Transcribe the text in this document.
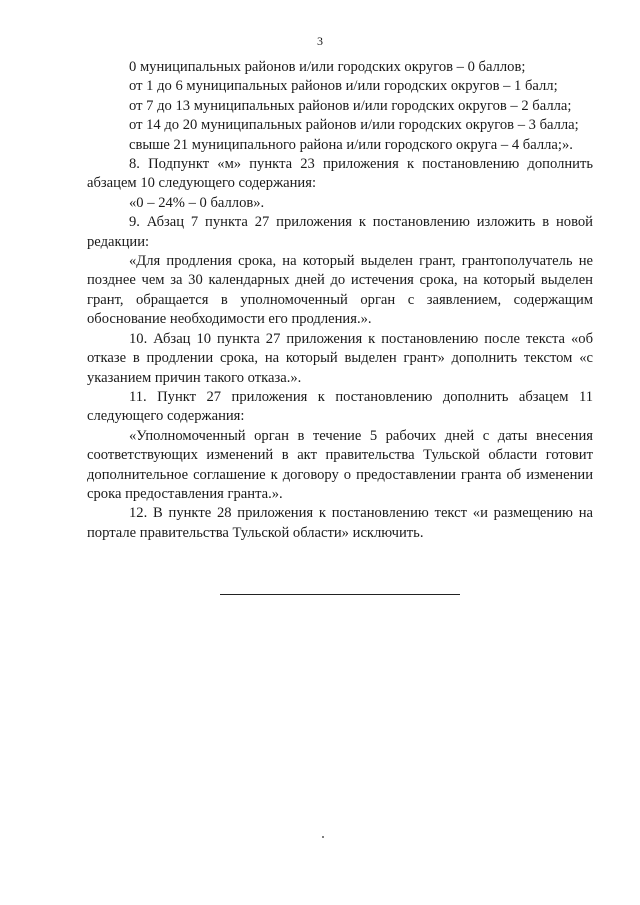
3

0 муниципальных районов и/или городских округов – 0 баллов;

от 1 до 6 муниципальных районов и/или городских округов – 1 балл;

от 7 до 13 муниципальных районов и/или городских округов – 2 балла;

от 14 до 20 муниципальных районов и/или городских округов – 3 балла;

свыше 21 муниципального района и/или городского округа – 4 балла;».

8. Подпункт «м» пункта 23 приложения к постановлению дополнить абзацем 10 следующего содержания:

«0 – 24% – 0 баллов».

9. Абзац 7 пункта 27 приложения к постановлению изложить в новой редакции:

«Для продления срока, на который выделен грант, грантополучатель не позднее чем за 30 календарных дней до истечения срока, на который выделен грант, обращается в уполномоченный орган с заявлением, содержащим обоснование необходимости его продления.».

10. Абзац 10 пункта 27 приложения к постановлению после текста «об отказе в продлении срока, на который выделен грант» дополнить текстом «с указанием причин такого отказа.».

11. Пункт 27 приложения к постановлению дополнить абзацем 11 следующего содержания:

«Уполномоченный орган в течение 5 рабочих дней с даты внесения соответствующих изменений в акт правительства Тульской области готовит дополнительное соглашение к договору о предоставлении гранта об изменении срока предоставления гранта.».

12. В пункте 28 приложения к постановлению текст «и размещению на портале правительства Тульской области» исключить.
